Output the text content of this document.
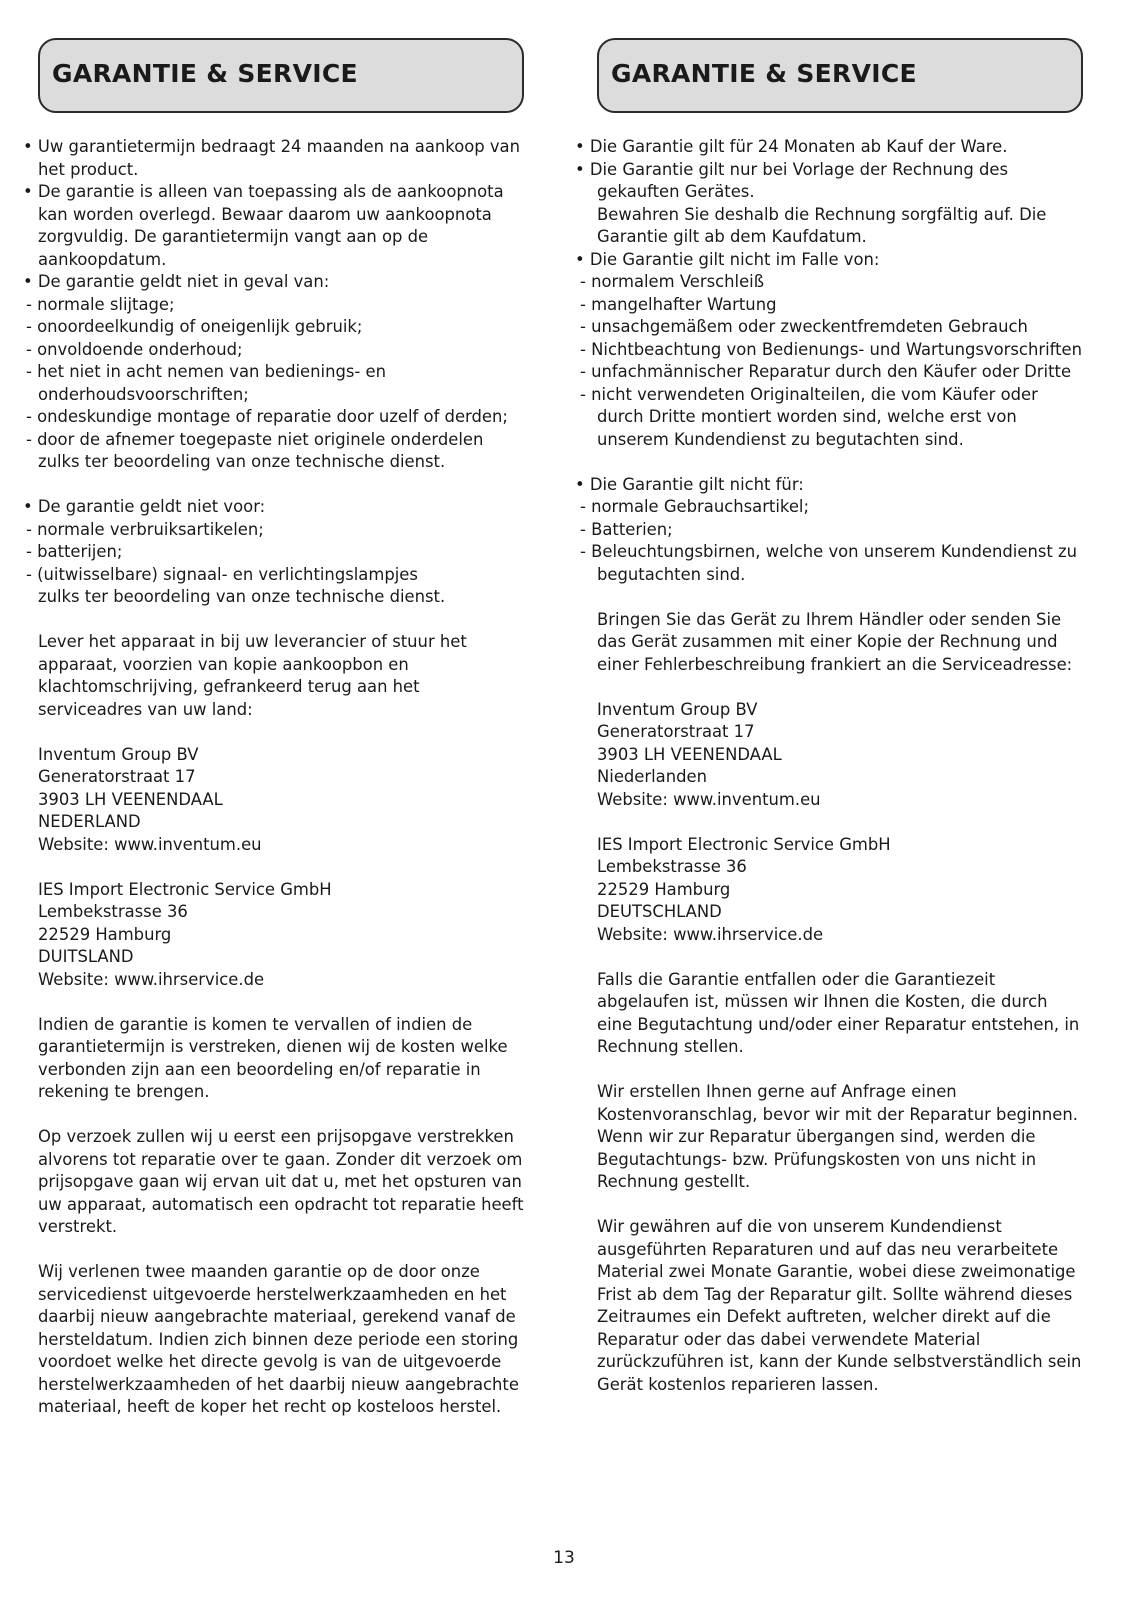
GARANTIE & SERVICE

• Uw garantietermijn bedraagt 24 maanden na aankoop van het product.

• De garantie is alleen van toepassing als de aankoopnota kan worden overlegd. Bewaar daarom uw aankoopnota zorgvuldig. De garantietermijn vangt aan op de aankoopdatum.

• De garantie geldt niet in geval van:

- normale slijtage;

- onoordeelkundig of oneigenlijk gebruik;

- onvoldoende onderhoud;

- het niet in acht nemen van bedienings- en onderhoudsvoorschriften;

- ondeskundige montage of reparatie door uzelf of derden;

- door de afnemer toegepaste niet originele onderdelen

zulks ter beoordeling van onze technische dienst.

• De garantie geldt niet voor:

- normale verbruiksartikelen;

- batterijen;

- (uitwisselbare) signaal- en verlichtingslampjes

zulks ter beoordeling van onze technische dienst.

Lever het apparaat in bij uw leverancier of stuur het apparaat, voorzien van kopie aankoopbon en klachtomschrijving, gefrankeerd terug aan het serviceadres van uw land:

Inventum Group BV

Generatorstraat 17

3903 LH VEENENDAAL

NEDERLAND

Website: www.inventum.eu

IES Import Electronic Service GmbH

Lembekstrasse 36

22529 Hamburg

DUITSLAND

Website: www.ihrservice.de

Indien de garantie is komen te vervallen of indien de garantietermijn is verstreken, dienen wij de kosten welke verbonden zijn aan een beoordeling en/of reparatie in rekening te brengen.

Op verzoek zullen wij u eerst een prijsopgave verstrekken alvorens tot reparatie over te gaan. Zonder dit verzoek om prijsopgave gaan wij ervan uit dat u, met het opsturen van uw apparaat, automatisch een opdracht tot reparatie heeft verstrekt.

Wij verlenen twee maanden garantie op de door onze servicedienst uitgevoerde herstelwerkzaamheden en het daarbij nieuw aangebrachte materiaal, gerekend vanaf de hersteldatum. Indien zich binnen deze periode een storing voordoet welke het directe gevolg is van de uitgevoerde herstelwerkzaamheden of het daarbij nieuw aangebrachte materiaal, heeft de koper het recht op kosteloos herstel.

GARANTIE & SERVICE

• Die Garantie gilt für 24 Monaten ab Kauf der Ware.

• Die Garantie gilt nur bei Vorlage der Rechnung des gekauften Gerätes.

Bewahren Sie deshalb die Rechnung sorgfältig auf. Die Garantie gilt ab dem Kaufdatum.

• Die Garantie gilt nicht im Falle von:

- normalem Verschleiß

- mangelhafter Wartung

- unsachgemäßem oder zweckentfremdeten Gebrauch

- Nichtbeachtung von Bedienungs- und Wartungsvorschriften

- unfachmännischer Reparatur durch den Käufer oder Dritte

- nicht verwendeten Originalteilen, die vom Käufer oder durch Dritte montiert worden sind, welche erst von unserem Kundendienst zu begutachten sind.

• Die Garantie gilt nicht für:

- normale Gebrauchsartikel;

- Batterien;

- Beleuchtungsbirnen, welche von unserem Kundendienst zu begutachten sind.

Bringen Sie das Gerät zu Ihrem Händler oder senden Sie das Gerät zusammen mit einer Kopie der Rechnung und einer Fehlerbeschreibung frankiert an die Serviceadresse:

Inventum Group BV

Generatorstraat 17

3903 LH VEENENDAAL

Niederlanden

Website: www.inventum.eu

IES Import Electronic Service GmbH

Lembekstrasse 36

22529 Hamburg

DEUTSCHLAND

Website: www.ihrservice.de

Falls die Garantie entfallen oder die Garantiezeit abgelaufen ist, müssen wir Ihnen die Kosten, die durch eine Begutachtung und/oder einer Reparatur entstehen, in Rechnung stellen.

Wir erstellen Ihnen gerne auf Anfrage einen Kostenvoranschlag, bevor wir mit der Reparatur beginnen. Wenn wir zur Reparatur übergangen sind, werden die Begutachtungs- bzw. Prüfungskosten von uns nicht in Rechnung gestellt.

Wir gewähren auf die von unserem Kundendienst ausgeführten Reparaturen und auf das neu verarbeitete Material zwei Monate Garantie, wobei diese zweimonatige Frist ab dem Tag der Reparatur gilt. Sollte während dieses Zeitraumes ein Defekt auftreten, welcher direkt auf die Reparatur oder das dabei verwendete Material zurückzuführen ist, kann der Kunde selbstverständlich sein Gerät kostenlos reparieren lassen.

13
